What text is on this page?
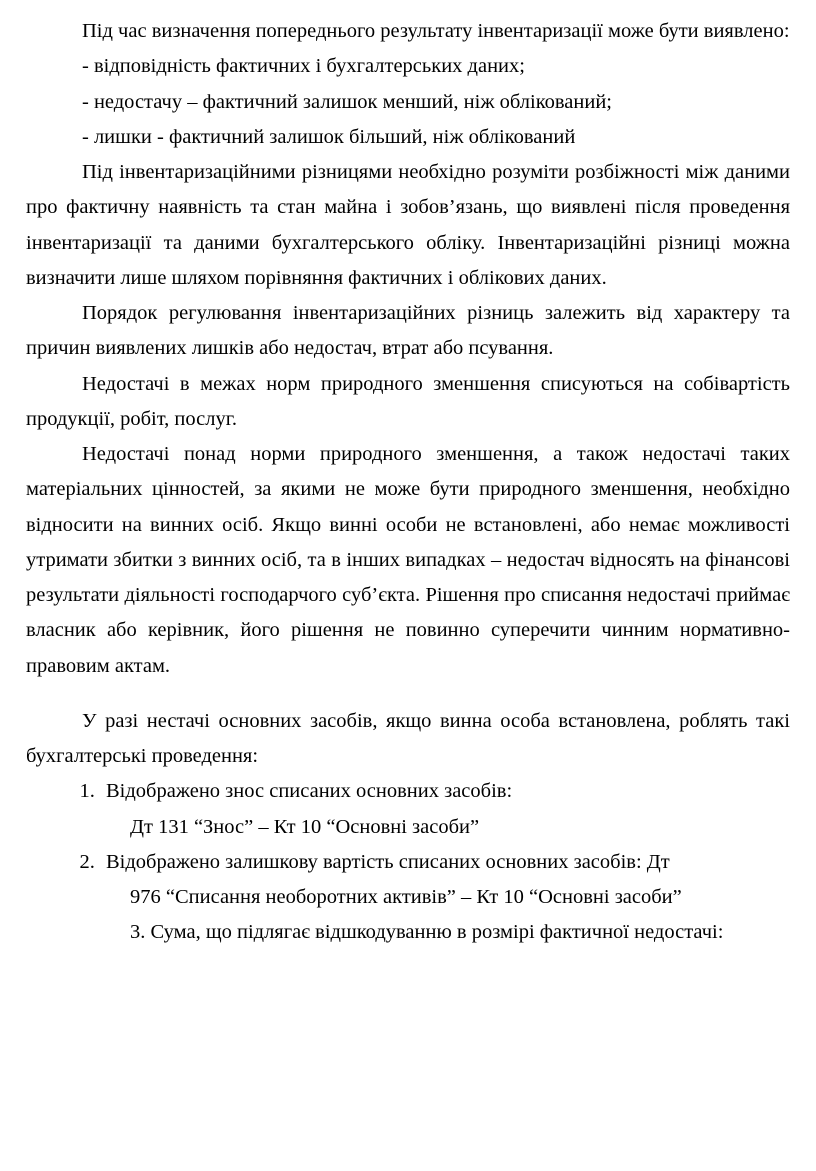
Під час визначення попереднього результату інвентаризації може бути виявлено:

- відповідність фактичних і бухгалтерських даних;

- недостачу – фактичний залишок менший, ніж облікований;

- лишки - фактичний залишок більший, ніж облікований

Під інвентаризаційними різницями необхідно розуміти розбіжності між даними про фактичну наявність та стан майна і зобов’язань, що виявлені після проведення інвентаризації та даними бухгалтерського обліку. Інвентаризаційні різниці можна визначити лише шляхом порівняння фактичних і облікових даних.

Порядок регулювання інвентаризаційних різниць залежить від характеру та причин виявлених лишків або недостач, втрат або псування.

Недостачі в межах норм природного зменшення списуються на собівартість продукції, робіт, послуг.

Недостачі понад норми природного зменшення, а також недостачі таких матеріальних цінностей, за якими не може бути природного зменшення, необхідно відносити на винних осіб. Якщо винні особи не встановлені, або немає можливості утримати збитки з винних осіб, та в інших випадках – недостач відносять на фінансові результати діяльності господарчого суб’єкта. Рішення про списання недостачі приймає власник або керівник, його рішення не повинно суперечити чинним нормативно- правовим актам.

У разі нестачі основних засобів, якщо винна особа встановлена, роблять такі бухгалтерські проведення:

1. Відображено знос списаних основних засобів:

Дт 131 “Знос” – Кт 10 “Основні засоби”

2. Відображено залишкову вартість списаних основних засобів: Дт

976 “Списання необоротних активів” – Кт 10 “Основні засоби”

3. Сума, що підлягає відшкодуванню в розмірі фактичної недостачі:
